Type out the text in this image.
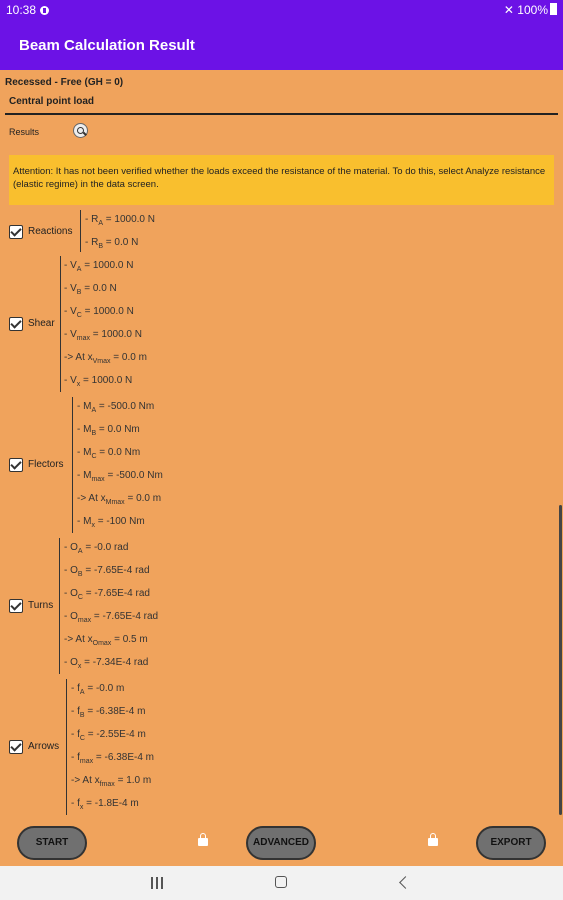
10:38	✕ 100%
Beam Calculation Result
Recessed - Free (GH = 0)
Central point load
Results
Attention: It has not been verified whether the loads exceed the resistance of the material. To do this, select Analyze resistance (elastic regime) in the data screen.
Reactions
- $R_A = 1000.0$ N
- $R_B = 0.0$ N
Shear
- $V_A = 1000.0$ N
- $V_B = 0.0$ N
- $V_C = 1000.0$ N
- $V_{max} = 1000.0$ N
-> At $x_{Vmax} = 0.0$ m
- $V_x = 1000.0$ N
Flectors
- $M_A = -500.0$ Nm
- $M_B = 0.0$ Nm
- $M_C = 0.0$ Nm
- $M_{max} = -500.0$ Nm
-> At $x_{Mmax} = 0.0$ m
- $M_x = -100$ Nm
Turns
- $O_A = -0.0$ rad
- $O_B = -7.65E-4$ rad
- $O_C = -7.65E-4$ rad
- $O_{max} = -7.65E-4$ rad
-> At $x_{Omax} = 0.5$ m
- $O_x = -7.34E-4$ rad
Arrows
- $f_A = -0.0$ m
- $f_B = -6.38E-4$ m
- $f_C = -2.55E-4$ m
- $f_{max} = -6.38E-4$ m
-> At $x_{fmax} = 1.0$ m
- $f_x = -1.8E-4$ m
START	ADVANCED	EXPORT
